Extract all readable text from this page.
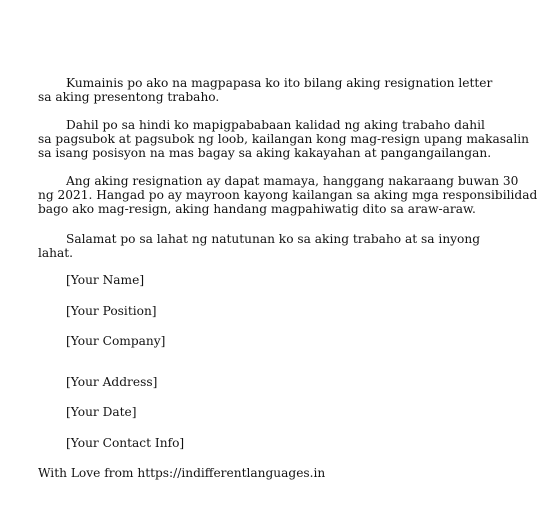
Kumainis po ako na magpapasa ko ito bilang aking resignation letter
sa aking presentong trabaho.
Dahil po sa hindi ko mapigpababaan kalidad ng aking trabaho dahil
sa pagsubok at pagsubok ng loob, kailangan kong mag-resign upang makasalin
sa isang posisyon na mas bagay sa aking kakayahan at pangangailangan.
Ang aking resignation ay dapat mamaya, hanggang nakaraang buwan 30
ng 2021. Hangad po ay mayroon kayong kailangan sa aking mga responsibilidad
bago ako mag-resign, aking handang magpahiwatig dito sa araw-araw.
Salamat po sa lahat ng natutunan ko sa aking trabaho at sa inyong
lahat.
[Your Name]
[Your Position]
[Your Company]
[Your Address]
[Your Date]
[Your Contact Info]
With Love from https://indifferentlanguages.in
